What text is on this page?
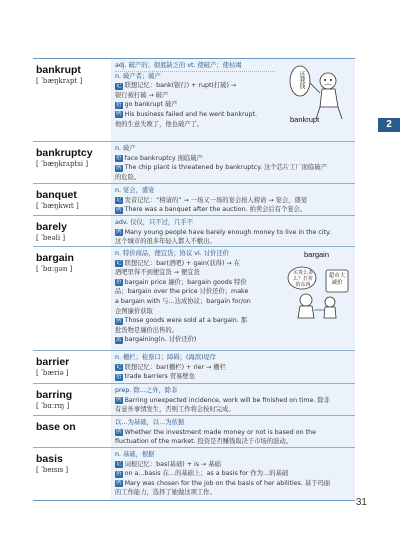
bankrupt
[ ˈbæŋkrʌpt ]
adj. 破产的；彻底缺乏的 vt. 使破产；使枯竭
n. 破产者；破产
记 联想记忆：bank(银行) + rupt(打破) →
银行被打破 → 破产
搭 go bankrupt 破产
例 His business failed and he went bankrupt.
他的生意失败了，他也破产了。
还我钱
bankrupt
bankruptcy
[ ˈbæŋkrʌptsi ]
n. 破产
搭 face bankruptcy 面临破产
例 The chip plant is threatened by bankruptcy. 这个芯片工厂面临破产
的危险。
banquet
[ ˈbæŋkwɪt ]
n. 宴会，盛宴
记 发音记忆：“榜请的” → 一场又一场的宴会按人榜请 → 宴会，盛宴
例 There was a banquet after the auction. 拍卖会后有个宴会。
barely
[ ˈbeəli ]
adv. 仅仅，只不过，几乎不
例 Many young people have barely enough money to live in the city.
这个城市的很多年轻人都入不敷出。
bargain
[ ˈbɑːɡən ]
n. 特价商品，便宜货；协议 vi. 讨价还价
记 联想记忆：bar(酒吧) + gain(获得) → 在
酒吧里得不到便宜货 → 便宜货
搭 bargain price 廉价；bargain goods 特价
品；bargain over the price 讨价还价；make
a bargain with 与…达成协议；bargain for/on
企图廉价获取
例 Those goods were sold at a bargain. 那
批货物是廉价出售的。
派 bargaining(n. 讨价还价)
bargain
买贵么多么？打折的东西
超市大减价
barrier
[ ˈbæriə ]
n. 栅栏；检票口；障碍；(海滨)堤岸
记 联想记忆：bar(栅栏) + rier → 栅栏
搭 trade barriers 贸易壁垒
barring
[ ˈbɑːrɪŋ ]
prep. 除…之外，除非
例 Barring unexpected incidence, work will be finished on time. 除非
有意外事情发生，否则工作将会按时完成。
base on	以…为基础，以…为依据
例 Whether the investment made money or not is based on the
fluctuation of the market. 投资是否赚钱取决于市场的波动。
basis
[ ˈbeɪsɪs ]
n. 基础，根据
记 词根记忆：bas(基础) + is → 基础
搭 on a...basis 在…的基础上；as a basis for 作为…的基础
例 Mary was chosen for the job on the basis of her abilities. 基于玛丽
的工作能力，选择了她做这项工作。
2
31
